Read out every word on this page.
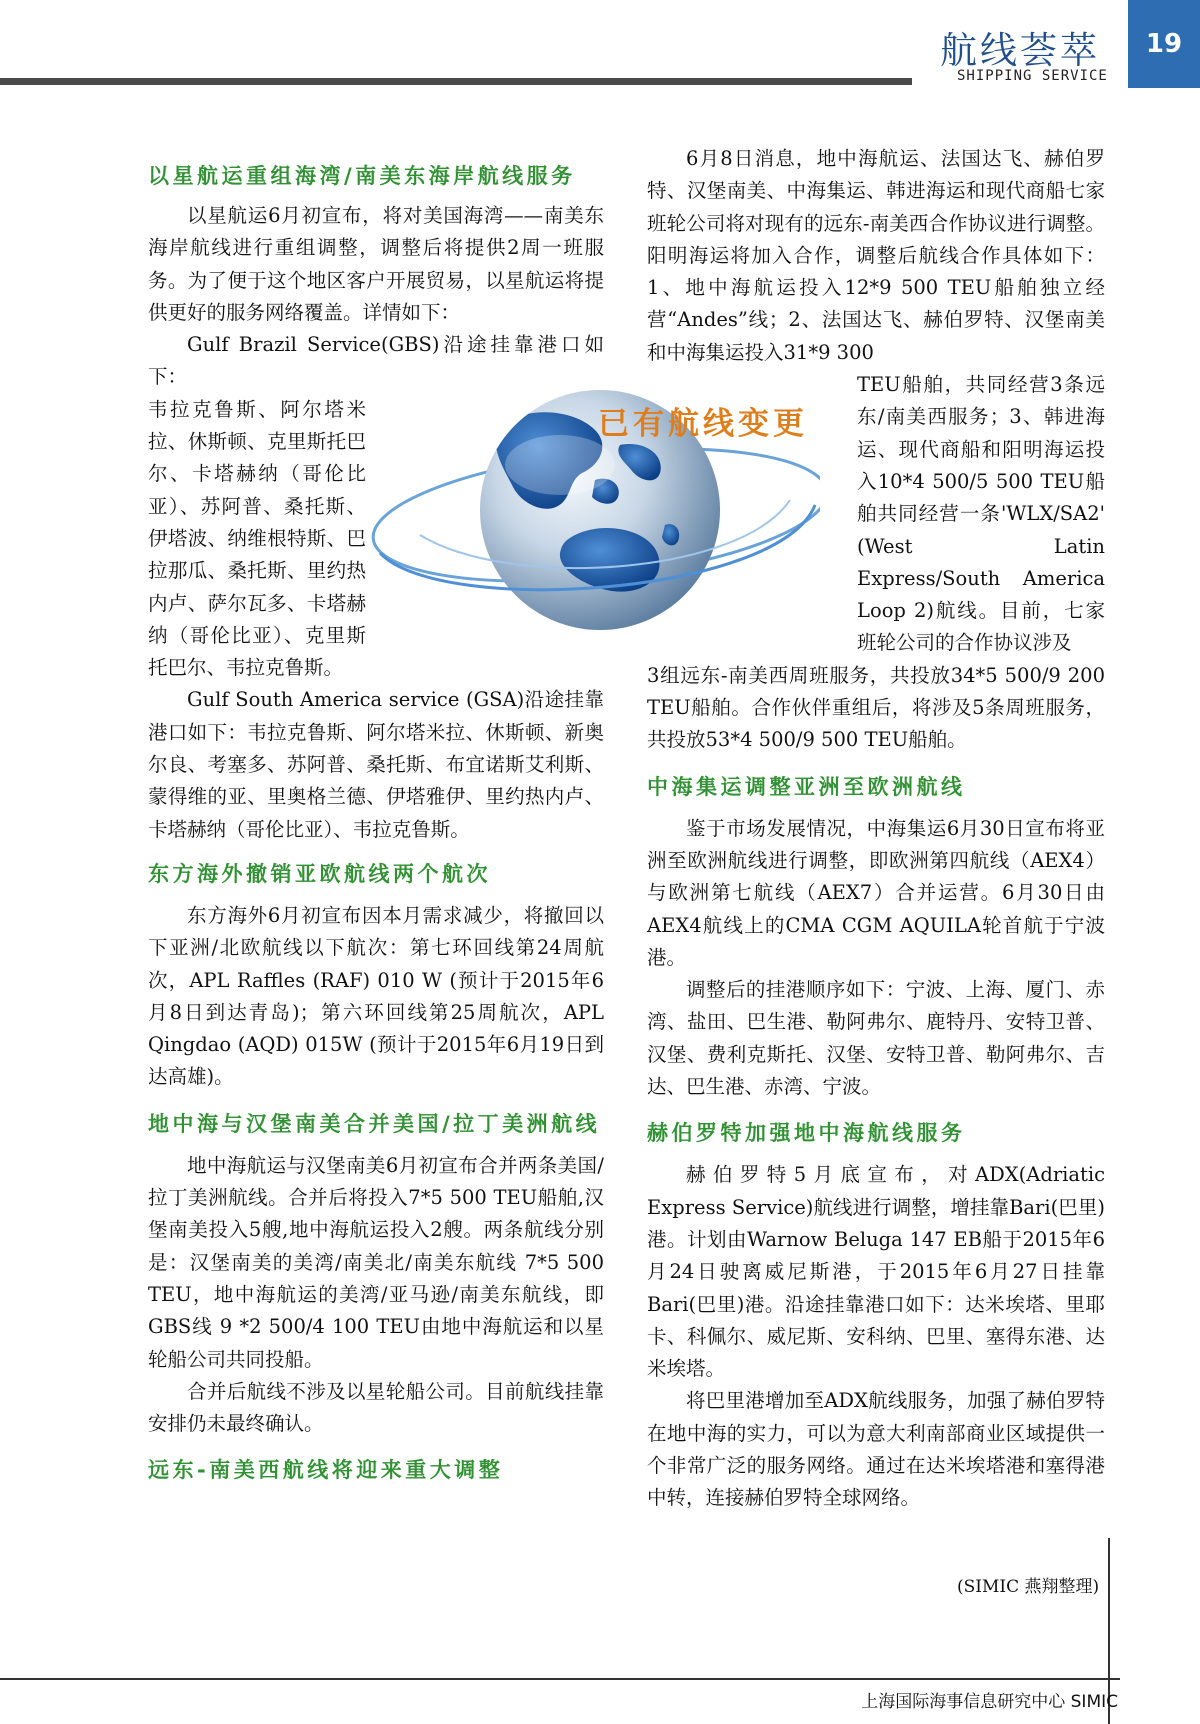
航线荟萃
SHIPPING SERVICE
19
已有航线变更
以星航运重组海湾/南美东海岸航线服务

以星航运6月初宣布，将对美国海湾——南美东海岸航线进行重组调整，调整后将提供2周一班服务。为了便于这个地区客户开展贸易，以星航运将提供更好的服务网络覆盖。详情如下：

Gulf Brazil Service(GBS)沿途挂靠港口如下：

韦拉克鲁斯、阿尔塔米拉、休斯顿、克里斯托巴尔、卡塔赫纳（哥伦比亚）、苏阿普、桑托斯、伊塔波、纳维根特斯、巴拉那瓜、桑托斯、里约热内卢、萨尔瓦多、卡塔赫纳（哥伦比亚）、克里斯托巴尔、韦拉克鲁斯。

Gulf South America service (GSA)沿途挂靠港口如下：韦拉克鲁斯、阿尔塔米拉、休斯顿、新奥尔良、考塞多、苏阿普、桑托斯、布宜诺斯艾利斯、蒙得维的亚、里奥格兰德、伊塔雅伊、里约热内卢、卡塔赫纳（哥伦比亚）、韦拉克鲁斯。

东方海外撤销亚欧航线两个航次

东方海外6月初宣布因本月需求减少，将撤回以下亚洲/北欧航线以下航次：第七环回线第24周航次，APL Raffles (RAF) 010 W (预计于2015年6月8日到达青岛)；第六环回线第25周航次，APL Qingdao (AQD) 015W (预计于2015年6月19日到达高雄)。

地中海与汉堡南美合并美国/拉丁美洲航线

地中海航运与汉堡南美6月初宣布合并两条美国/拉丁美洲航线。合并后将投入7*5 500 TEU船舶,汉堡南美投入5艘,地中海航运投入2艘。两条航线分别是：汉堡南美的美湾/南美北/南美东航线 7*5 500 TEU，地中海航运的美湾/亚马逊/南美东航线，即GBS线 9 *2 500/4 100 TEU由地中海航运和以星轮船公司共同投船。

合并后航线不涉及以星轮船公司。目前航线挂靠安排仍未最终确认。

远东-南美西航线将迎来重大调整

6月8日消息，地中海航运、法国达飞、赫伯罗特、汉堡南美、中海集运、韩进海运和现代商船七家班轮公司将对现有的远东-南美西合作协议进行调整。阳明海运将加入合作，调整后航线合作具体如下：1、地中海航运投入12*9 500 TEU船舶独立经营“Andes”线；2、法国达飞、赫伯罗特、汉堡南美和中海集运投入31*9 300

TEU船舶，共同经营3条远东/南美西服务；3、韩进海运、现代商船和阳明海运投入10*4 500/5 500 TEU船舶共同经营一条'WLX/SA2' (West Latin Express/South America Loop 2)航线。目前，七家班轮公司的合作协议涉及

3组远东-南美西周班服务，共投放34*5 500/9 200 TEU船舶。合作伙伴重组后，将涉及5条周班服务，共投放53*4 500/9 500 TEU船舶。

中海集运调整亚洲至欧洲航线

鉴于市场发展情况，中海集运6月30日宣布将亚洲至欧洲航线进行调整，即欧洲第四航线（AEX4）与欧洲第七航线（AEX7）合并运营。6月30日由AEX4航线上的CMA CGM AQUILA轮首航于宁波港。

调整后的挂港顺序如下：宁波、上海、厦门、赤湾、盐田、巴生港、勒阿弗尔、鹿特丹、安特卫普、汉堡、费利克斯托、汉堡、安特卫普、勒阿弗尔、吉达、巴生港、赤湾、宁波。

赫伯罗特加强地中海航线服务

赫伯罗特5月底宣布，对ADX(Adriatic Express Service)航线进行调整，增挂靠Bari(巴里)港。计划由Warnow Beluga 147 EB船于2015年6月24日驶离威尼斯港，于2015年6月27日挂靠Bari(巴里)港。沿途挂靠港口如下：达米埃塔、里耶卡、科佩尔、威尼斯、安科纳、巴里、塞得东港、达米埃塔。

将巴里港增加至ADX航线服务，加强了赫伯罗特在地中海的实力，可以为意大利南部商业区域提供一个非常广泛的服务网络。通过在达米埃塔港和塞得港中转，连接赫伯罗特全球网络。

(SIMIC 燕翔整理)
上海国际海事信息研究中心 SIMIC
